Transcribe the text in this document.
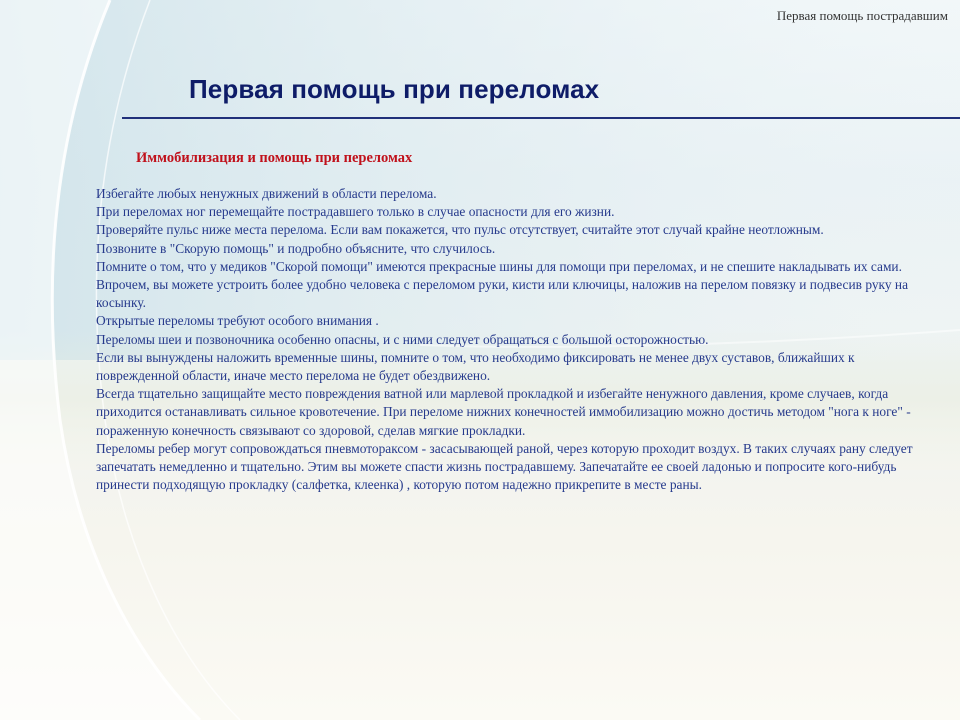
Первая помощь пострадавшим
Первая помощь при переломах
Иммобилизация и помощь при переломах

Избегайте любых ненужных движений в области перелома.

При переломах ног перемещайте пострадавшего только в случае опасности для его жизни.

Проверяйте пульс ниже места перелома. Если вам покажется, что пульс отсутствует, считайте этот случай крайне неотложным.

Позвоните в "Скорую помощь" и подробно объясните, что случилось.

Помните о том, что у медиков "Скорой помощи" имеются прекрасные шины для помощи при переломах, и не спешите накладывать их сами.

Впрочем, вы можете устроить более удобно человека с переломом руки, кисти или ключицы, наложив на перелом повязку и подвесив руку на косынку.

Открытые переломы требуют особого внимания .

Переломы шеи и позвоночника особенно опасны, и с ними следует обращаться с большой осторожностью.

Если вы вынуждены наложить временные шины, помните о том, что необходимо фиксировать не менее двух суставов, ближайших к поврежденной области, иначе место перелома не будет обездвижено.

Всегда тщательно защищайте место повреждения ватной или марлевой прокладкой и избегайте ненужного давления, кроме случаев, когда приходится останавливать сильное кровотечение. При переломе нижних конечностей иммобилизацию можно достичь методом "нога к ноге" - пораженную конечность связывают со здоровой, сделав мягкие прокладки.

Переломы ребер могут сопровождаться пневмотораксом - засасывающей раной, через которую проходит воздух. В таких случаях рану следует запечатать немедленно и тщательно. Этим вы можете спасти жизнь пострадавшему. Запечатайте ее своей ладонью и попросите кого-нибудь принести подходящую прокладку (салфетка, клеенка) , которую потом надежно прикрепите в месте раны.
